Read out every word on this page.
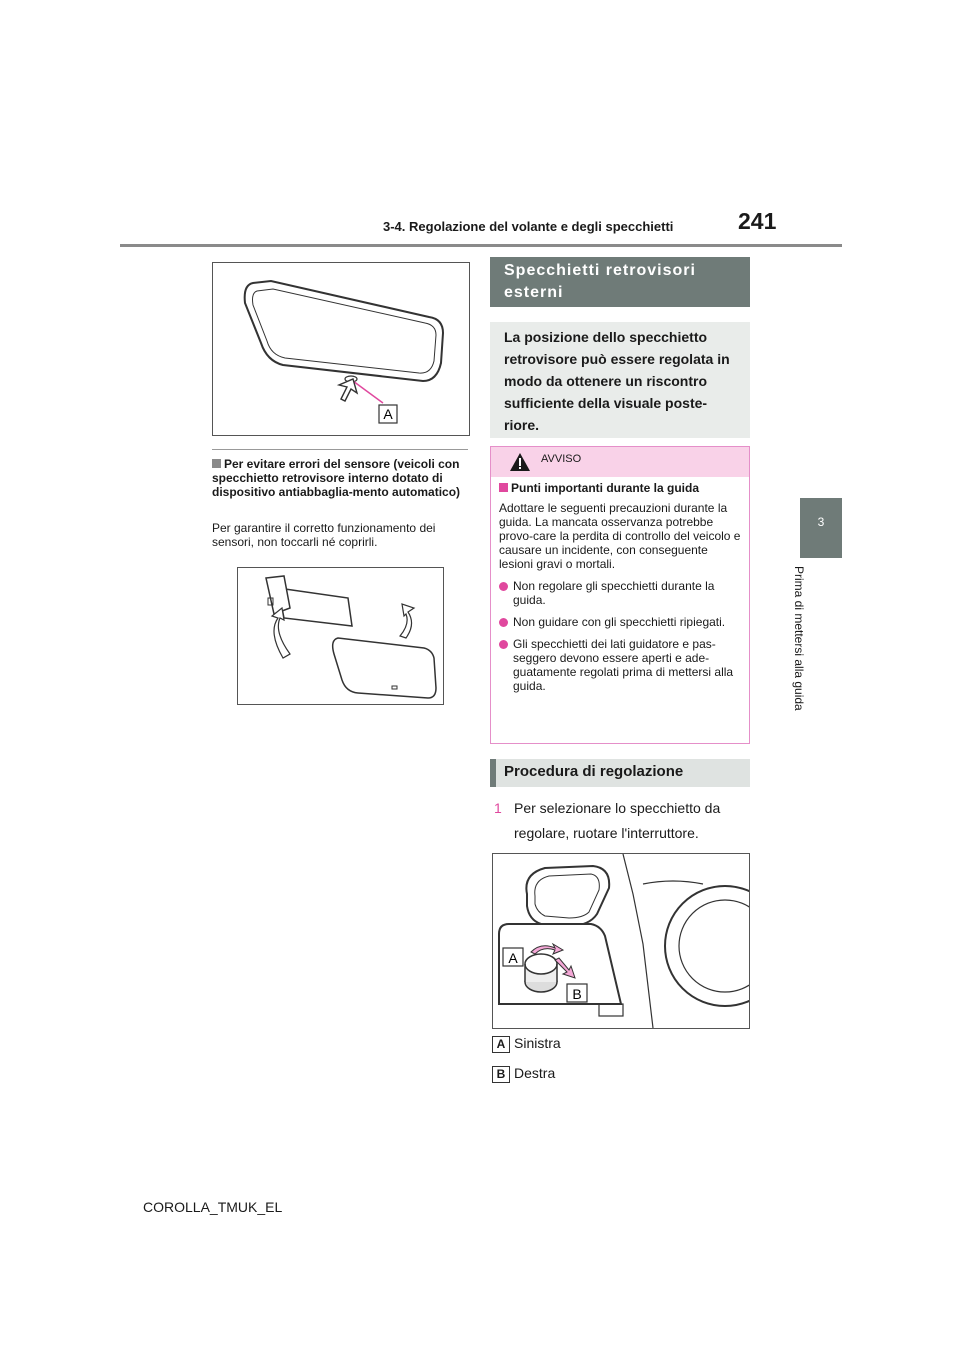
3-4. Regolazione del volante e degli specchietti	241
3
Prima di mettersi alla guida
A
Per evitare errori del sensore (veicoli con specchietto retrovisore interno dotato di dispositivo antiabbaglia-mento automatico)
Per garantire il corretto funzionamento dei sensori, non toccarli né coprirli.
Specchietti retrovisori esterni
La posizione dello specchietto retrovisore può essere regolata in modo da ottenere un riscontro sufficiente della visuale poste-riore.
AVVISO
Punti importanti durante la guida
Adottare le seguenti precauzioni durante la guida. La mancata osservanza potrebbe provo-care la perdita di controllo del veicolo e causare un incidente, con conseguente lesioni gravi o mortali.
Non regolare gli specchietti durante la guida.
Non guidare con gli specchietti ripiegati.
Gli specchietti dei lati guidatore e pas-seggero devono essere aperti e ade-guatamente regolati prima di mettersi alla guida.
Procedura di regolazione
1 Per selezionare lo specchietto da regolare, ruotare l'interruttore.
A
B
A Sinistra
B Destra
COROLLA_TMUK_EL
